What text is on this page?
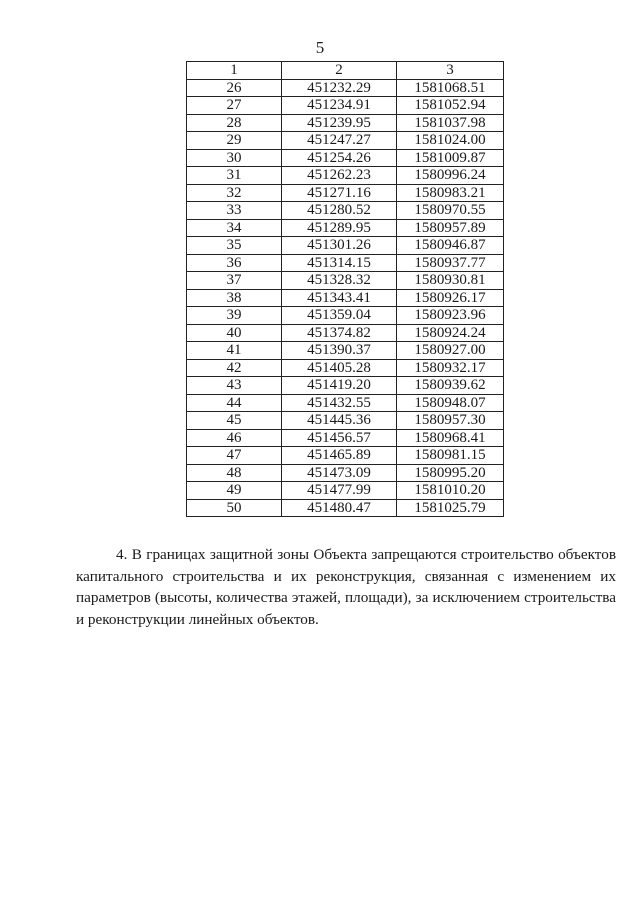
5
1	2	3
26	451232.29	1581068.51
27	451234.91	1581052.94
28	451239.95	1581037.98
29	451247.27	1581024.00
30	451254.26	1581009.87
31	451262.23	1580996.24
32	451271.16	1580983.21
33	451280.52	1580970.55
34	451289.95	1580957.89
35	451301.26	1580946.87
36	451314.15	1580937.77
37	451328.32	1580930.81
38	451343.41	1580926.17
39	451359.04	1580923.96
40	451374.82	1580924.24
41	451390.37	1580927.00
42	451405.28	1580932.17
43	451419.20	1580939.62
44	451432.55	1580948.07
45	451445.36	1580957.30
46	451456.57	1580968.41
47	451465.89	1580981.15
48	451473.09	1580995.20
49	451477.99	1581010.20
50	451480.47	1581025.79

4. В границах защитной зоны Объекта запрещаются строительство объектов капитального строительства и их реконструкция, связанная с изменением их параметров (высоты, количества этажей, площади), за исключением строительства и реконструкции линейных объектов.
